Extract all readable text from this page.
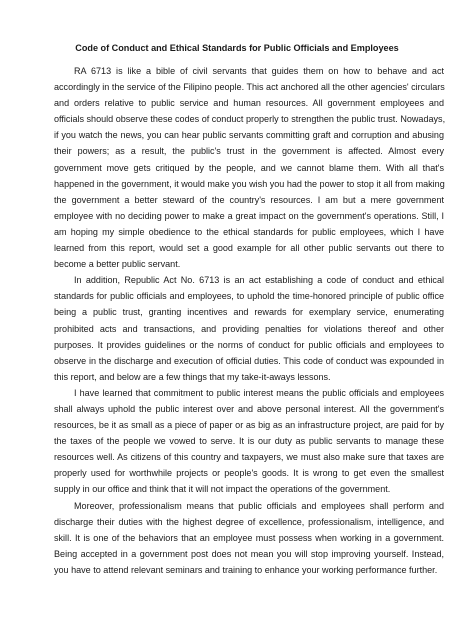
Code of Conduct and Ethical Standards for Public Officials and Employees
RA 6713 is like a bible of civil servants that guides them on how to behave and act
accordingly in the service of the Filipino people. This act anchored all the other agencies' circulars
and orders relative to public service and human resources. All government employees and
officials should observe these codes of conduct properly to strengthen the public trust. Nowadays,
if you watch the news, you can hear public servants committing graft and corruption and abusing
their powers; as a result, the public's trust in the government is affected. Almost every
government move gets critiqued by the people, and we cannot blame them. With all that's
happened in the government, it would make you wish you had the power to stop it all from making
the government a better steward of the country's resources. I am but a mere government
employee with no deciding power to make a great impact on the government's operations. Still, I
am hoping my simple obedience to the ethical standards for public employees, which I have
learned from this report, would set a good example for all other public servants out there to
become a better public servant.
In addition, Republic Act No. 6713 is an act establishing a code of conduct and ethical
standards for public officials and employees, to uphold the time-honored principle of public office
being a public trust, granting incentives and rewards for exemplary service, enumerating
prohibited acts and transactions, and providing penalties for violations thereof and other
purposes. It provides guidelines or the norms of conduct for public officials and employees to
observe in the discharge and execution of official duties. This code of conduct was expounded in
this report, and below are a few things that my take-it-aways lessons.
I have learned that commitment to public interest means the public officials and employees
shall always uphold the public interest over and above personal interest. All the government's
resources, be it as small as a piece of paper or as big as an infrastructure project, are paid for by
the taxes of the people we vowed to serve. It is our duty as public servants to manage these
resources well. As citizens of this country and taxpayers, we must also make sure that taxes are
properly used for worthwhile projects or people's goods. It is wrong to get even the smallest
supply in our office and think that it will not impact the operations of the government.
Moreover, professionalism means that public officials and employees shall perform and
discharge their duties with the highest degree of excellence, professionalism, intelligence, and
skill. It is one of the behaviors that an employee must possess when working in a government.
Being accepted in a government post does not mean you will stop improving yourself. Instead,
you have to attend relevant seminars and training to enhance your working performance further.
